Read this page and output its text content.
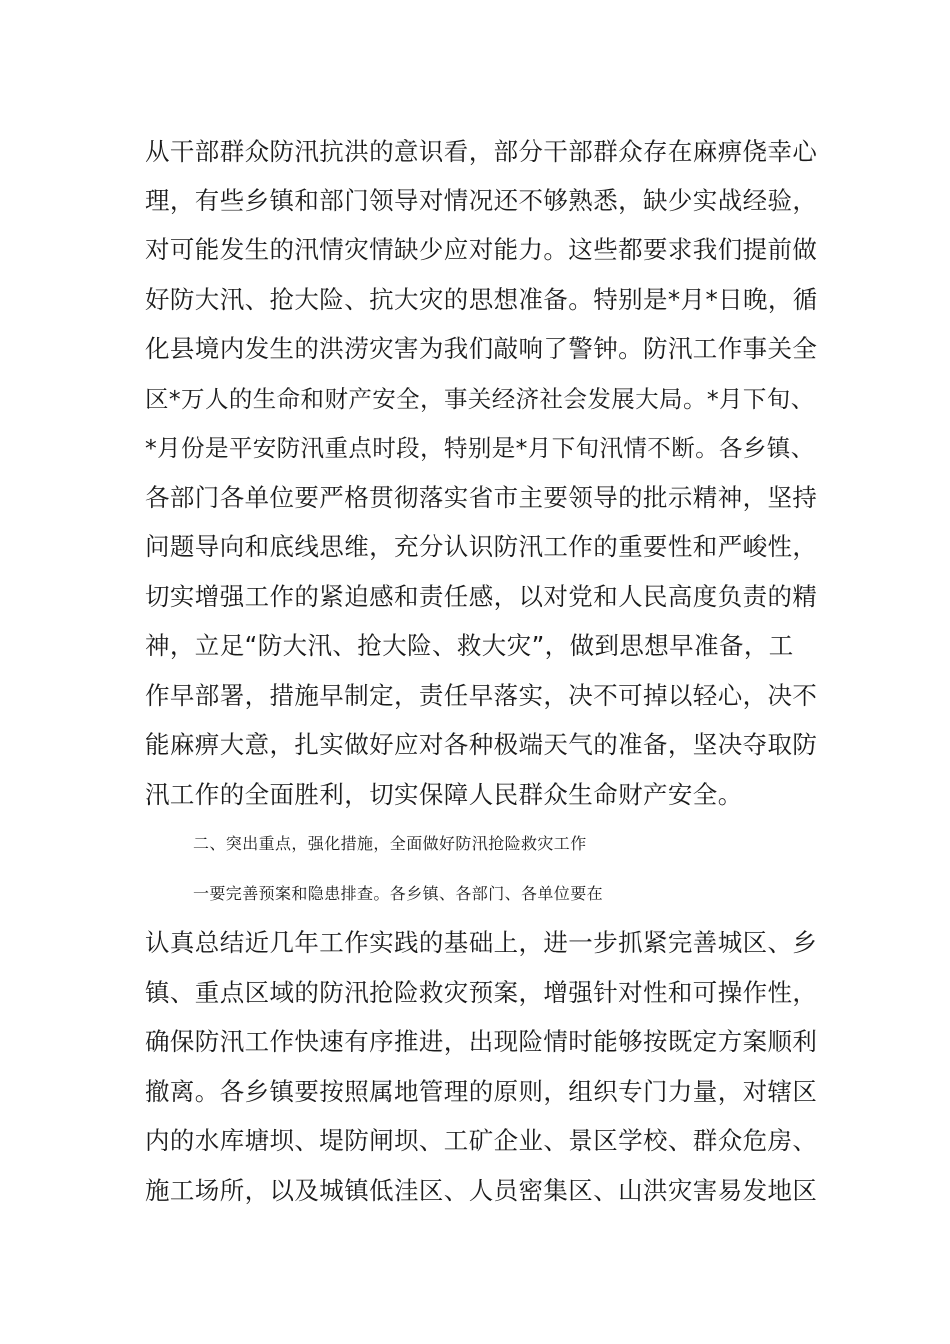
从干部群众防汛抗洪的意识看，部分干部群众存在麻痹侥幸心
理，有些乡镇和部门领导对情况还不够熟悉，缺少实战经验，
对可能发生的汛情灾情缺少应对能力。这些都要求我们提前做
好防大汛、抢大险、抗大灾的思想准备。特别是*月*日晚，循
化县境内发生的洪涝灾害为我们敲响了警钟。防汛工作事关全
区*万人的生命和财产安全，事关经济社会发展大局。*月下旬、
*月份是平安防汛重点时段，特别是*月下旬汛情不断。各乡镇、
各部门各单位要严格贯彻落实省市主要领导的批示精神，坚持
问题导向和底线思维，充分认识防汛工作的重要性和严峻性，
切实增强工作的紧迫感和责任感，以对党和人民高度负责的精
神，立足“防大汛、抢大险、救大灾”，做到思想早准备，工
作早部署，措施早制定，责任早落实，决不可掉以轻心，决不
能麻痹大意，扎实做好应对各种极端天气的准备，坚决夺取防
汛工作的全面胜利，切实保障人民群众生命财产安全。
二、突出重点，强化措施，全面做好防汛抢险救灾工作
一要完善预案和隐患排查。各乡镇、各部门、各单位要在
认真总结近几年工作实践的基础上，进一步抓紧完善城区、乡
镇、重点区域的防汛抢险救灾预案，增强针对性和可操作性，
确保防汛工作快速有序推进，出现险情时能够按既定方案顺利
撤离。各乡镇要按照属地管理的原则，组织专门力量，对辖区
内的水库塘坝、堤防闸坝、工矿企业、景区学校、群众危房、
施工场所，以及城镇低洼区、人员密集区、山洪灾害易发地区
